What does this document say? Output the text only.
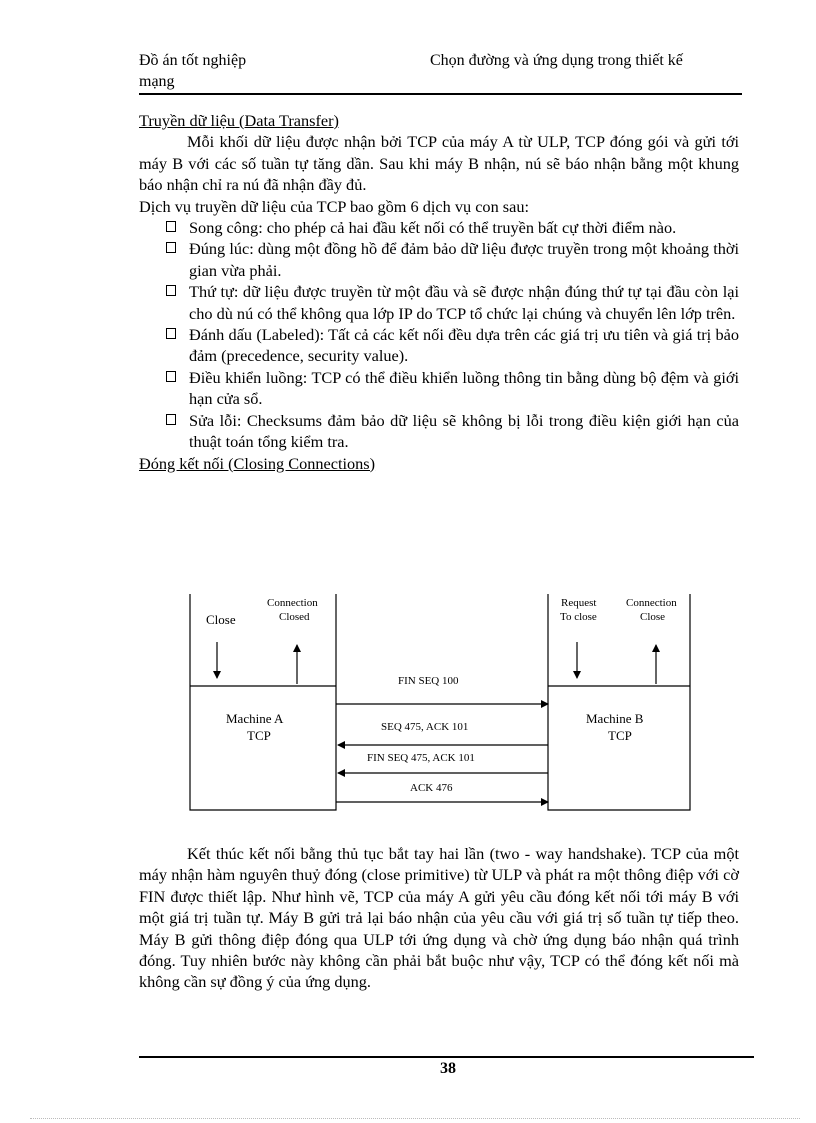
Đồ án tốt nghiệp
mạng
Chọn đường và ứng dụng trong thiết kế

Truyền dữ liệu (Data Transfer)

Mỗi khối dữ liệu được nhận bởi TCP của máy A từ ULP, TCP đóng gói và gửi tới máy B với các số tuần tự tăng dần. Sau khi máy B nhận, nú sẽ báo nhận bằng một khung báo nhận chỉ ra nú đã nhận đầy đủ.

Dịch vụ truyền dữ liệu của TCP bao gồm 6 dịch vụ con sau:

Song công: cho phép cả hai đầu kết nối có thể truyền bất cự thời điểm nào.
Đúng lúc: dùng một đồng hồ để đảm bảo dữ liệu được truyền trong một khoảng thời gian vừa phải.
Thứ tự: dữ liệu được truyền từ một đầu và sẽ được nhận đúng thứ tự tại đầu còn lại cho dù nú có thể không qua lớp IP do TCP tổ chức lại chúng và chuyển lên lớp trên.
Đánh dấu (Labeled): Tất cả các kết nối đều dựa trên các giá trị ưu tiên và giá trị bảo đảm (precedence, security value).
Điều khiển luồng: TCP có thể điều khiển luồng thông tin bằng dùng bộ đệm và giới hạn cửa sổ.
Sửa lỗi: Checksums đảm bảo dữ liệu sẽ không bị lỗi trong điều kiện giới hạn của thuật toán tổng kiểm tra.

Đóng kết nối (Closing Connections)

Close
Connection
Closed
Machine A
TCP
Request
To close
Connection
Close
FIN SEQ 100
SEQ 475, ACK 101
FIN SEQ 475, ACK 101
ACK 476
Machine B
TCP

Kết thúc kết nối bằng thủ tục bắt tay hai lần (two - way handshake). TCP của một máy nhận hàm nguyên thuỷ đóng (close primitive) từ ULP và phát ra một thông điệp với cờ FIN được thiết lập. Như hình vẽ, TCP của máy A gửi yêu cầu đóng kết nối tới máy B với một giá trị tuần tự. Máy B gửi trả lại báo nhận của yêu cầu với giá trị số tuần tự tiếp theo. Máy B gửi thông điệp đóng qua ULP tới ứng dụng và chờ ứng dụng báo nhận quá trình đóng. Tuy nhiên bước này không cần phải bắt buộc như vậy, TCP có thể đóng kết nối mà không cần sự đồng ý của ứng dụng.

38
